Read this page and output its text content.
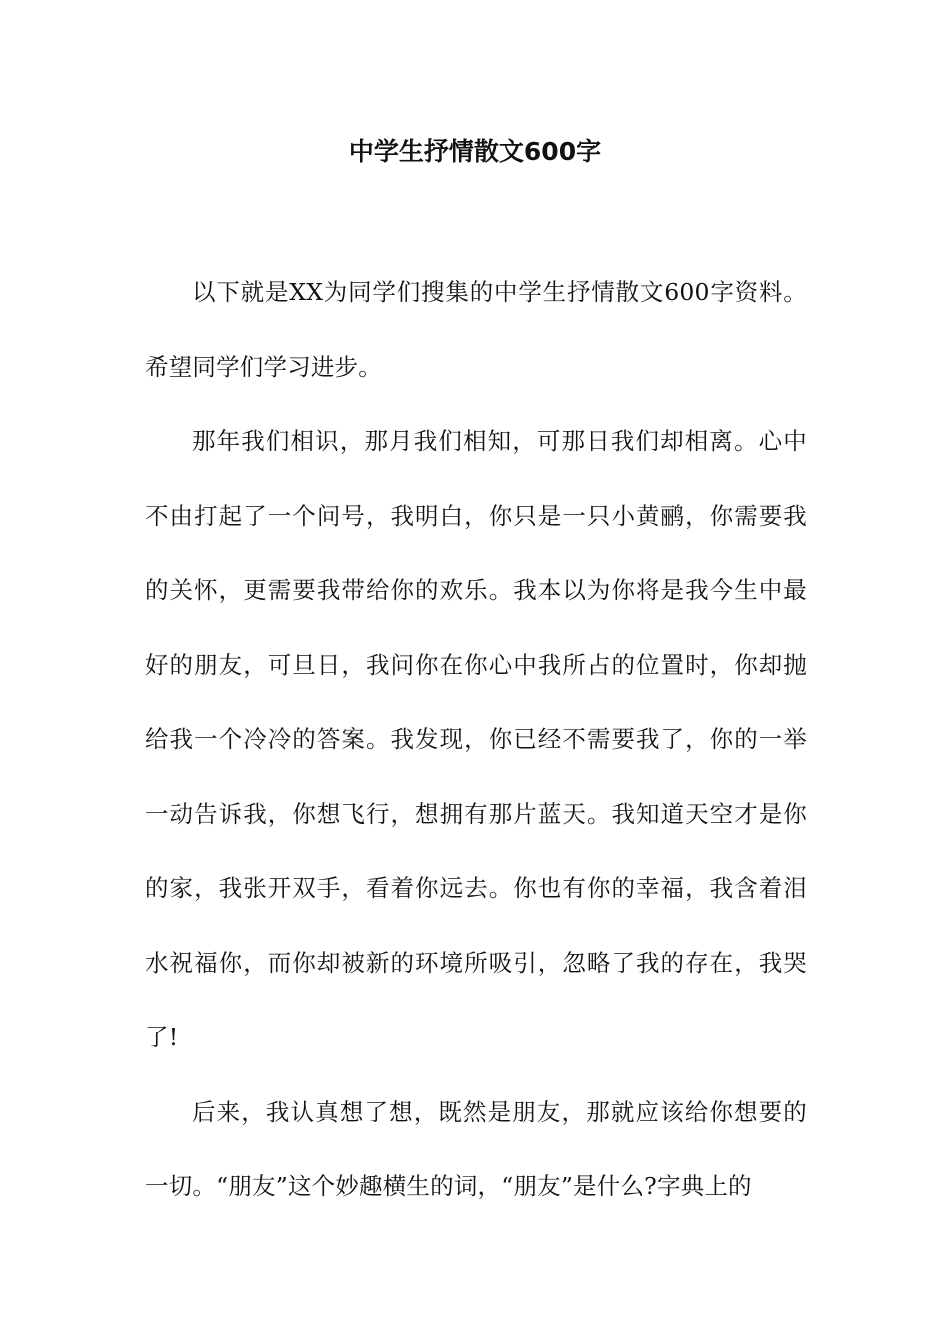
中学生抒情散文600字

以下就是XX为同学们搜集的中学生抒情散文600字资料。希望同学们学习进步。

那年我们相识，那月我们相知，可那日我们却相离。心中不由打起了一个问号，我明白，你只是一只小黄鹂，你需要我的关怀，更需要我带给你的欢乐。我本以为你将是我今生中最好的朋友，可旦日，我问你在你心中我所占的位置时，你却抛给我一个冷冷的答案。我发现，你已经不需要我了，你的一举一动告诉我，你想飞行，想拥有那片蓝天。我知道天空才是你的家，我张开双手，看着你远去。你也有你的幸福，我含着泪水祝福你，而你却被新的环境所吸引，忽略了我的存在，我哭了!

后来，我认真想了想，既然是朋友，那就应该给你想要的一切。“朋友”这个妙趣横生的词，“朋友”是什么?字典上的
